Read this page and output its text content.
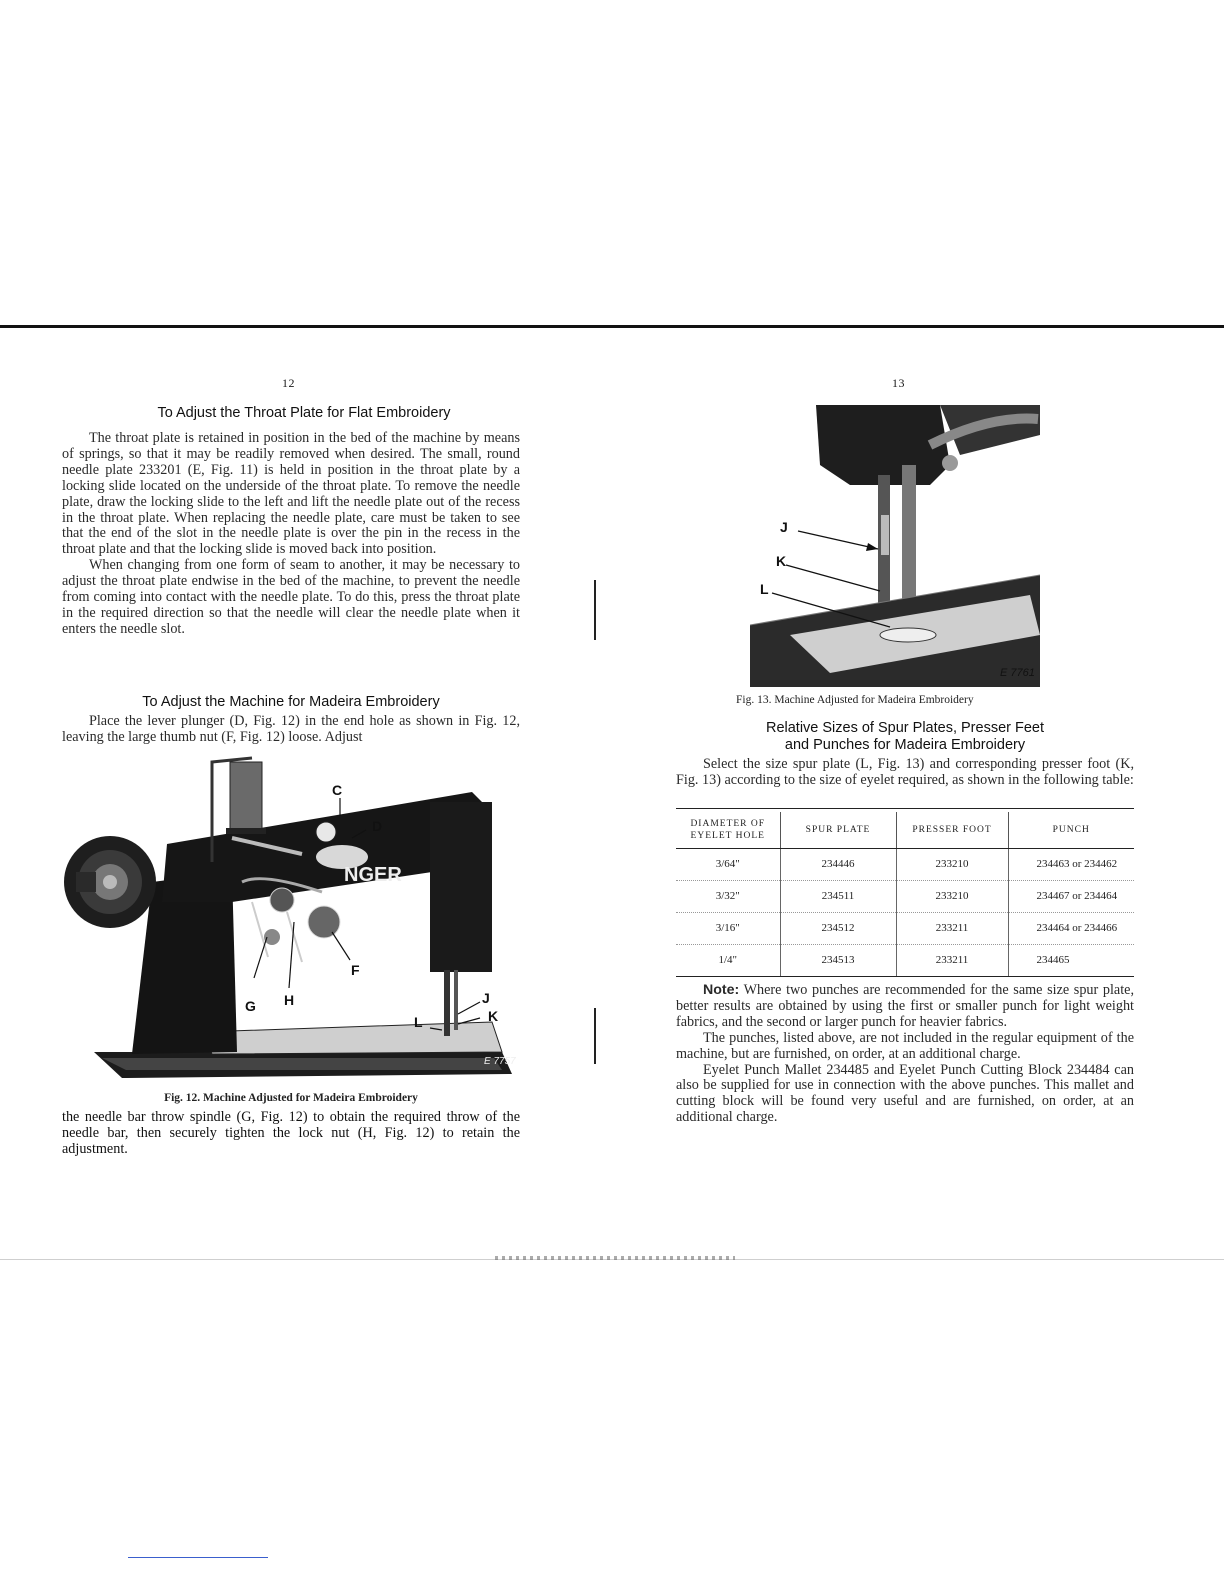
12
To Adjust the Throat Plate for Flat Embroidery

The throat plate is retained in position in the bed of the machine by means of springs, so that it may be readily removed when desired. The small, round needle plate 233201 (E, Fig. 11) is held in position in the throat plate by a locking slide located on the underside of the throat plate. To remove the needle plate, draw the locking slide to the left and lift the needle plate out of the recess in the throat plate. When replacing the needle plate, care must be taken to see that the end of the slot in the needle plate is over the pin in the recess in the throat plate and that the locking slide is moved back into position.

When changing from one form of seam to another, it may be necessary to adjust the throat plate endwise in the bed of the machine, to prevent the needle from coming into contact with the needle plate. To do this, press the throat plate in the required direction so that the needle will clear the needle plate when it enters the needle slot.

To Adjust the Machine for Madeira Embroidery

Place the lever plunger (D, Fig. 12) in the end hole as shown in Fig. 12, leaving the large thumb nut (F, Fig. 12) loose. Adjust

C
D
F
G H	J
K
L
NGER
E 7757
Fig. 12. Machine Adjusted for Madeira Embroidery

the needle bar throw spindle (G, Fig. 12) to obtain the required throw of the needle bar, then securely tighten the lock nut (H, Fig. 12) to retain the adjustment.

13
J
K
L
E 7761
Fig. 13. Machine Adjusted for Madeira Embroidery
Relative Sizes of Spur Plates, Presser Feet
and Punches for Madeira Embroidery

Select the size spur plate (L, Fig. 13) and corresponding presser foot (K, Fig. 13) according to the size of eyelet required, as shown in the following table:

DIAMETER OF EYELET HOLE	SPUR PLATE	PRESSER FOOT	PUNCH
3/64"	234446	233210	234463 or 234462
3/32"	234511	233210	234467 or 234464
3/16"	234512	233211	234464 or 234466
1/4"	234513	233211	234465

Note: Where two punches are recommended for the same size spur plate, better results are obtained by using the first or smaller punch for light weight fabrics, and the second or larger punch for heavier fabrics.

The punches, listed above, are not included in the regular equipment of the machine, but are furnished, on order, at an additional charge.

Eyelet Punch Mallet 234485 and Eyelet Punch Cutting Block 234484 can also be supplied for use in connection with the above punches. This mallet and cutting block will be found very useful and are furnished, on order, at an additional charge.
